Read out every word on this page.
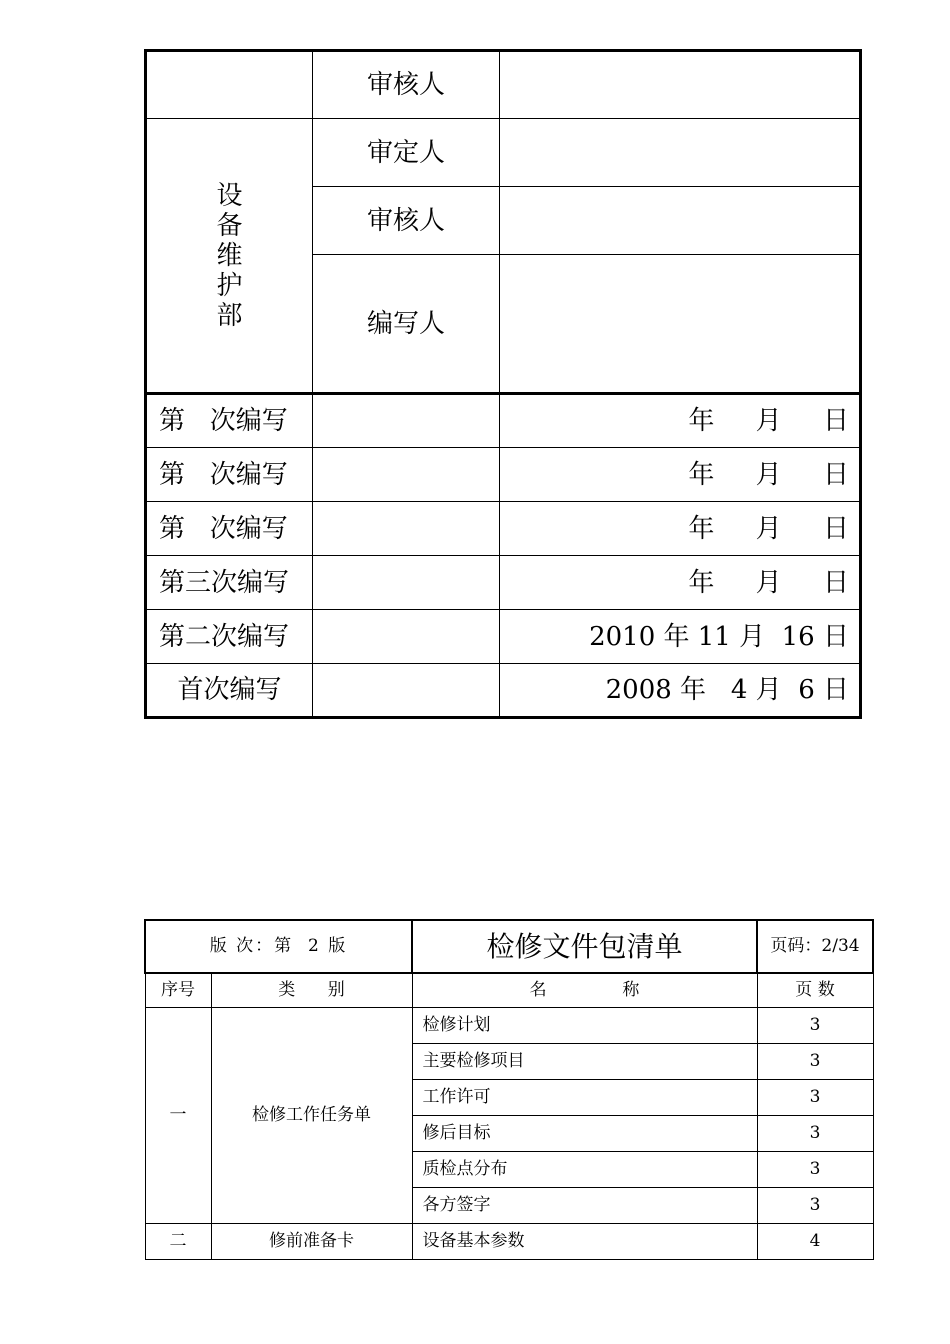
	审核人	
设备维护部	审定人	
	审核人	
	编写人	
第   次编写		年     月     日
第   次编写		年     月     日
第   次编写		年     月     日
第三次编写		年     月     日
第二次编写		2010 年 11 月  16 日
首次编写		2008 年   4 月  6 日
版 次：第  2 版		检修文件包清单	页码：2/34
序号	类      别	名              称	页 数
一	检修工作任务单	检修计划	3
		主要检修项目	3
		工作许可	3
		修后目标	3
		质检点分布	3
		各方签字	3
二	修前准备卡	设备基本参数	4
